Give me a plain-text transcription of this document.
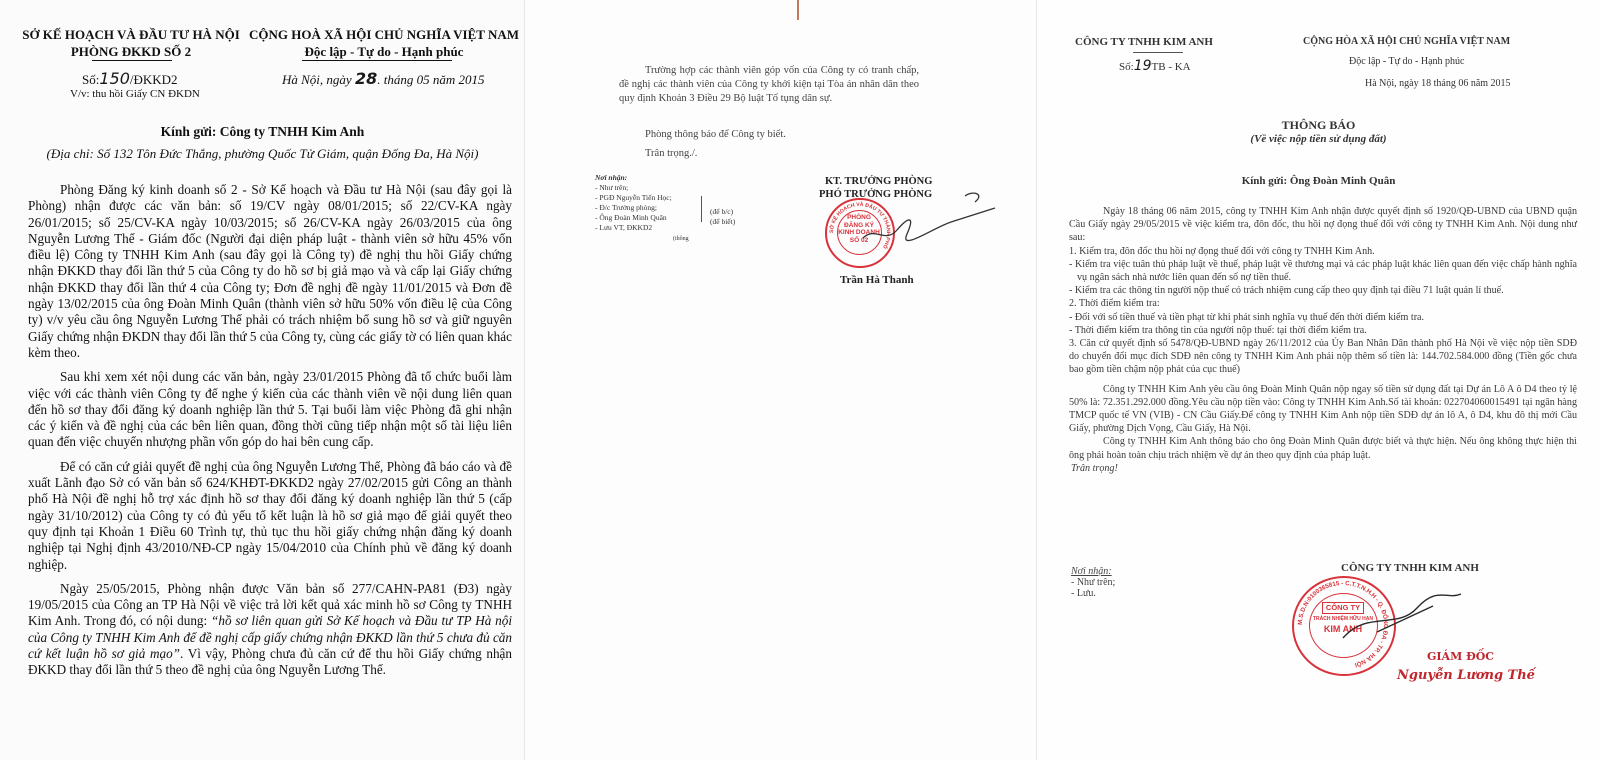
SỞ KẾ HOẠCH VÀ ĐẦU TƯ HÀ NỘI
PHÒNG ĐKKD SỐ 2
CỘNG HOÀ XÃ HỘI CHỦ NGHĨA VIỆT NAM
Độc lập - Tự do - Hạnh phúc
Số:150/ĐKKD2
V/v: thu hồi Giấy CN ĐKDN
Hà Nội, ngày 28. tháng 05 năm 2015
Kính gửi: Công ty TNHH Kim Anh
(Địa chỉ: Số 132 Tôn Đức Thắng, phường Quốc Tử Giám, quận Đống Đa, Hà Nội)

Phòng Đăng ký kinh doanh số 2 - Sở Kế hoạch và Đầu tư Hà Nội (sau đây gọi là Phòng) nhận được các văn bản: số 19/CV ngày 08/01/2015; số 22/CV-KA ngày 26/01/2015; số 25/CV-KA ngày 10/03/2015; số 26/CV-KA ngày 26/03/2015 của ông Nguyễn Lương Thế - Giám đốc (Người đại diện pháp luật - thành viên sở hữu 45% vốn điều lệ) Công ty TNHH Kim Anh (sau đây gọi là Công ty) đề nghị thu hồi Giấy chứng nhận ĐKKD thay đổi lần thứ 5 của Công ty do hồ sơ bị giả mạo và và cấp lại Giấy chứng nhận ĐKKD thay đổi lần thứ 4 của Công ty; Đơn đề nghị đề ngày 11/01/2015 và Đơn đề ngày 13/02/2015 của ông Đoàn Minh Quân (thành viên sở hữu 50% vốn điều lệ của Công ty) v/v yêu cầu ông Nguyễn Lương Thế phải có trách nhiệm bổ sung hồ sơ và giữ nguyên Giấy chứng nhận ĐKDN thay đổi lần thứ 5 của Công ty, cùng các giấy tờ có liên quan khác kèm theo.

Sau khi xem xét nội dung các văn bản, ngày 23/01/2015 Phòng đã tổ chức buổi làm việc với các thành viên Công ty để nghe ý kiến của các thành viên về nội dung liên quan đến hồ sơ thay đổi đăng ký doanh nghiệp lần thứ 5. Tại buổi làm việc Phòng đã ghi nhận các ý kiến và đề nghị của các bên liên quan, đồng thời cũng tiếp nhận một số tài liệu liên quan đến việc chuyển nhượng phần vốn góp do hai bên cung cấp.

Để có căn cứ giải quyết đề nghị của ông Nguyễn Lương Thế, Phòng đã báo cáo và đề xuất Lãnh đạo Sở có văn bản số 624/KHĐT-ĐKKD2 ngày 27/02/2015 gửi Công an thành phố Hà Nội đề nghị hỗ trợ xác định hồ sơ thay đổi đăng ký doanh nghiệp lần thứ 5 (cấp ngày 31/10/2012) của Công ty có đủ yếu tố kết luận là hồ sơ giả mạo để giải quyết theo quy định tại Khoản 1 Điều 60 Trình tự, thủ tục thu hồi giấy chứng nhận đăng ký doanh nghiệp tại Nghị định 43/2010/NĐ-CP ngày 15/04/2010 của Chính phủ về đăng ký doanh nghiệp.

Ngày 25/05/2015, Phòng nhận được Văn bản số 277/CAHN-PA81 (Đ3) ngày 19/05/2015 của Công an TP Hà Nội về việc trả lời kết quả xác minh hồ sơ Công ty TNHH Kim Anh. Trong đó, có nội dung: “hồ sơ liên quan gửi Sở Kế hoạch và Đầu tư TP Hà nội của Công ty TNHH Kim Anh để đề nghị cấp giấy chứng nhận ĐKKD lần thứ 5 chưa đủ căn cứ kết luận hồ sơ giả mạo”. Vì vậy, Phòng chưa đủ căn cứ để thu hồi Giấy chứng nhận ĐKKD thay đổi lần thứ 5 theo đề nghị của ông Nguyễn Lương Thế.

Trường hợp các thành viên góp vốn của Công ty có tranh chấp, đề nghị các thành viên của Công ty khởi kiện tại Tòa án nhân dân theo quy định Khoản 3 Điều 29 Bộ luật Tố tụng dân sự.
Phòng thông báo để Công ty biết.
Trân trọng./.
Nơi nhận:
- Như trên;
- PGĐ Nguyễn Tiến Học;
- Đ/c Trưởng phòng;
- Ông Đoàn Minh Quân
- Lưu VT, ĐKKD2
(để b/c)
(để biết)
(thông
KT. TRƯỞNG PHÒNG
PHÓ TRƯỞNG PHÒNG
SỞ KẾ HOẠCH VÀ ĐẦU TƯ THÀNH PHỐ
PHÒNG
ĐĂNG KÝ
KINH DOANH
SỐ 02
Trần Hà Thanh
CÔNG TY TNHH KIM ANH	CỘNG HÒA XÃ HỘI CHỦ NGHĨA VIỆT NAM
Độc lập - Tự do - Hạnh phúc
Số:19TB - KA
Hà Nội, ngày 18 tháng 06 năm 2015
THÔNG BÁO
(Về việc nộp tiền sử dụng đất)
Kính gửi: Ông Đoàn Minh Quân
Ngày 18 tháng 06 năm 2015, công ty TNHH Kim Anh nhận được quyết định số 1920/QĐ-UBND của UBND quận Cầu Giấy ngày 29/05/2015 về việc kiểm tra, đôn đốc, thu hồi nợ đọng thuế đối với công ty TNHH Kim Anh. Nội dung như sau:
1. Kiểm tra, đôn đốc thu hồi nợ đọng thuế đối với công ty TNHH Kim Anh.
- Kiểm tra việc tuân thủ pháp luật về thuế, pháp luật về thương mại và các pháp luật khác liên quan đến việc chấp hành nghĩa vụ ngân sách nhà nước liên quan đến số nợ tiền thuế.
- Kiểm tra các thông tin người nộp thuế có trách nhiệm cung cấp theo quy định tại điều 71 luật quản lí thuế.
2. Thời điểm kiểm tra:
- Đối với số tiền thuế và tiền phạt từ khi phát sinh nghĩa vụ thuế đến thời điểm kiểm tra.
- Thời điểm kiểm tra thông tin của người nộp thuế: tại thời điểm kiểm tra.
3. Căn cứ quyết định số 5478/QĐ-UBND ngày 26/11/2012 của Ủy Ban Nhân Dân thành phố Hà Nội về việc nộp tiền SDĐ do chuyển đổi mục đích SDĐ nên công ty TNHH Kim Anh phải nộp thêm số tiền là: 144.702.584.000 đồng (Tiền gốc chưa bao gồm tiền chậm nộp phát của cục thuế)
Công ty TNHH Kim Anh yêu cầu ông Đoàn Minh Quân nộp ngay số tiền sử dụng đất tại Dự án Lô A ô D4 theo tỷ lệ 50% là: 72.351.292.000 đồng.Yêu cầu nộp tiền vào: Công ty TNHH Kim Anh.Số tài khoản: 022704060015491 tại ngân hàng TMCP quốc tế VN (VIB) - CN Cầu Giấy.Để công ty TNHH Kim Anh nộp tiền SDĐ dự án lô A, ô D4, khu đô thị mới Cầu Giấy, phường Dịch Vọng, Cầu Giấy, Hà Nội.
Công ty TNHH Kim Anh thông báo cho ông Đoàn Minh Quân được biết và thực hiện. Nếu ông không thực hiện thì ông phải hoàn toàn chịu trách nhiệm về dự án theo quy định của pháp luật.
Trân trọng!
Nơi nhận:
- Như trên;
- Lưu.
CÔNG TY TNHH KIM ANH
M.S.D.N:0100365815 - C.T.T.N.H.H - Q. ĐỐNG ĐA - TP. HÀ NỘI
CÔNG TY
TRÁCH NHIỆM HỮU HẠN
KIM ANH
GIÁM ĐỐC
Nguyễn Lương Thế
